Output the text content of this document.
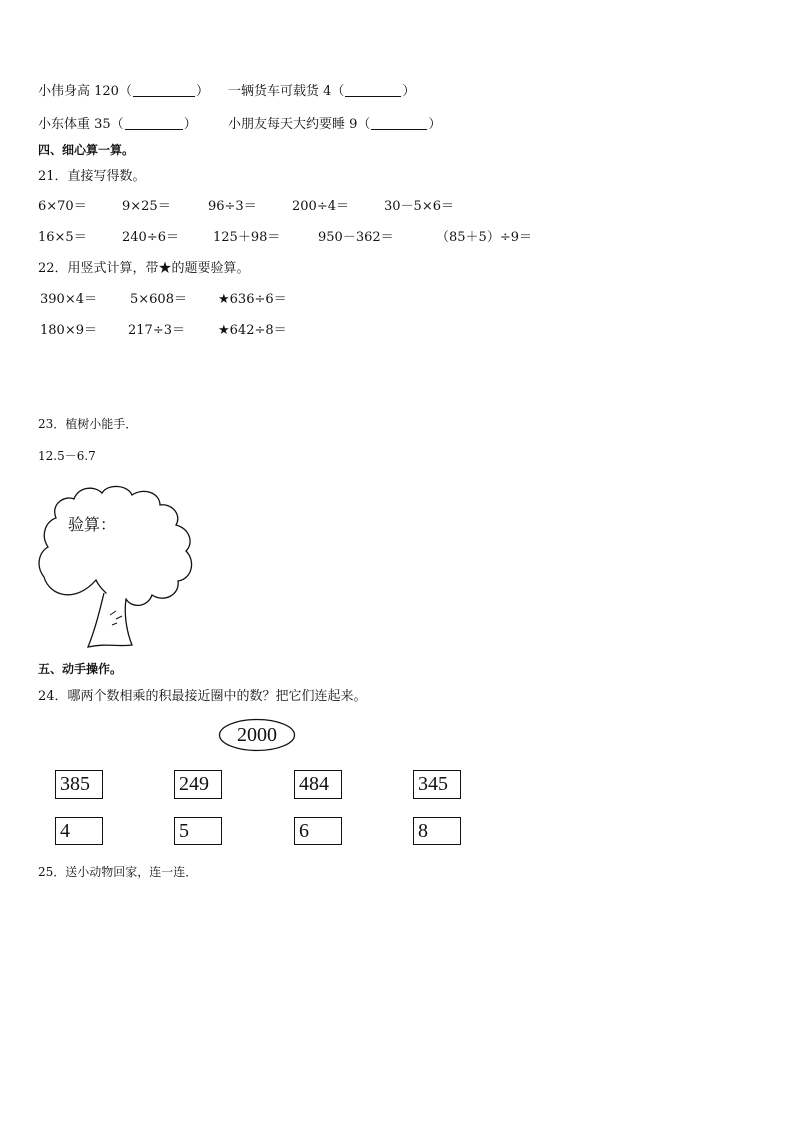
小伟身高 120（	） 一辆货车可载货 4（	）
小东体重 35（	） 小朋友每天大约要睡 9（	）
四、细心算一算。
21．直接写得数。
6×70＝	9×25＝	96÷3＝	200÷4＝	30－5×6＝
16×5＝	240÷6＝	125＋98＝	950－362＝	（85＋5）÷9＝
22．用竖式计算，带★的题要验算。
390×4＝	5×608＝ ★636÷6＝
180×9＝ 217÷3＝	★642÷8＝
23．植树小能手．
12.5－6.7
验算：
五、动手操作。
24．哪两个数相乘的积最接近圈中的数？把它们连起来。
2000
385	249	484	345
4	5	6	8
25．送小动物回家，连一连．
